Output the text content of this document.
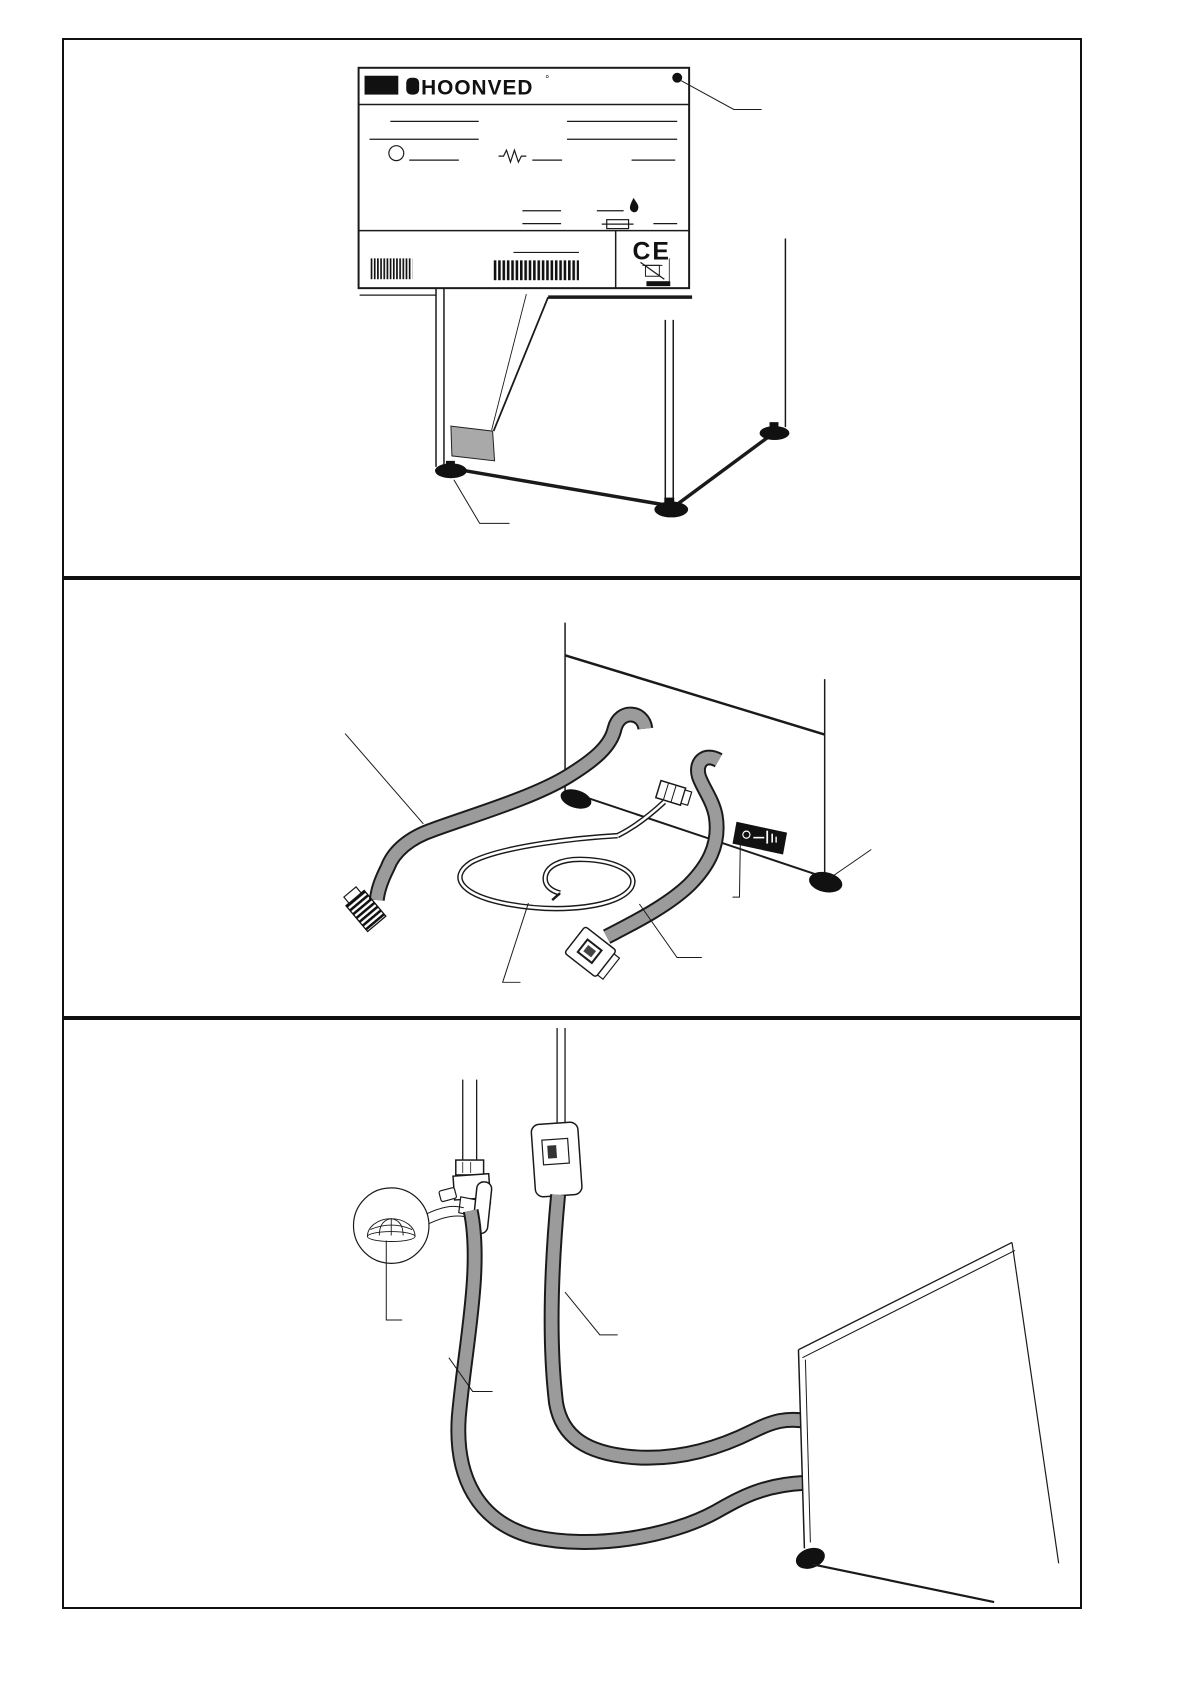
HOONVED °
CE
